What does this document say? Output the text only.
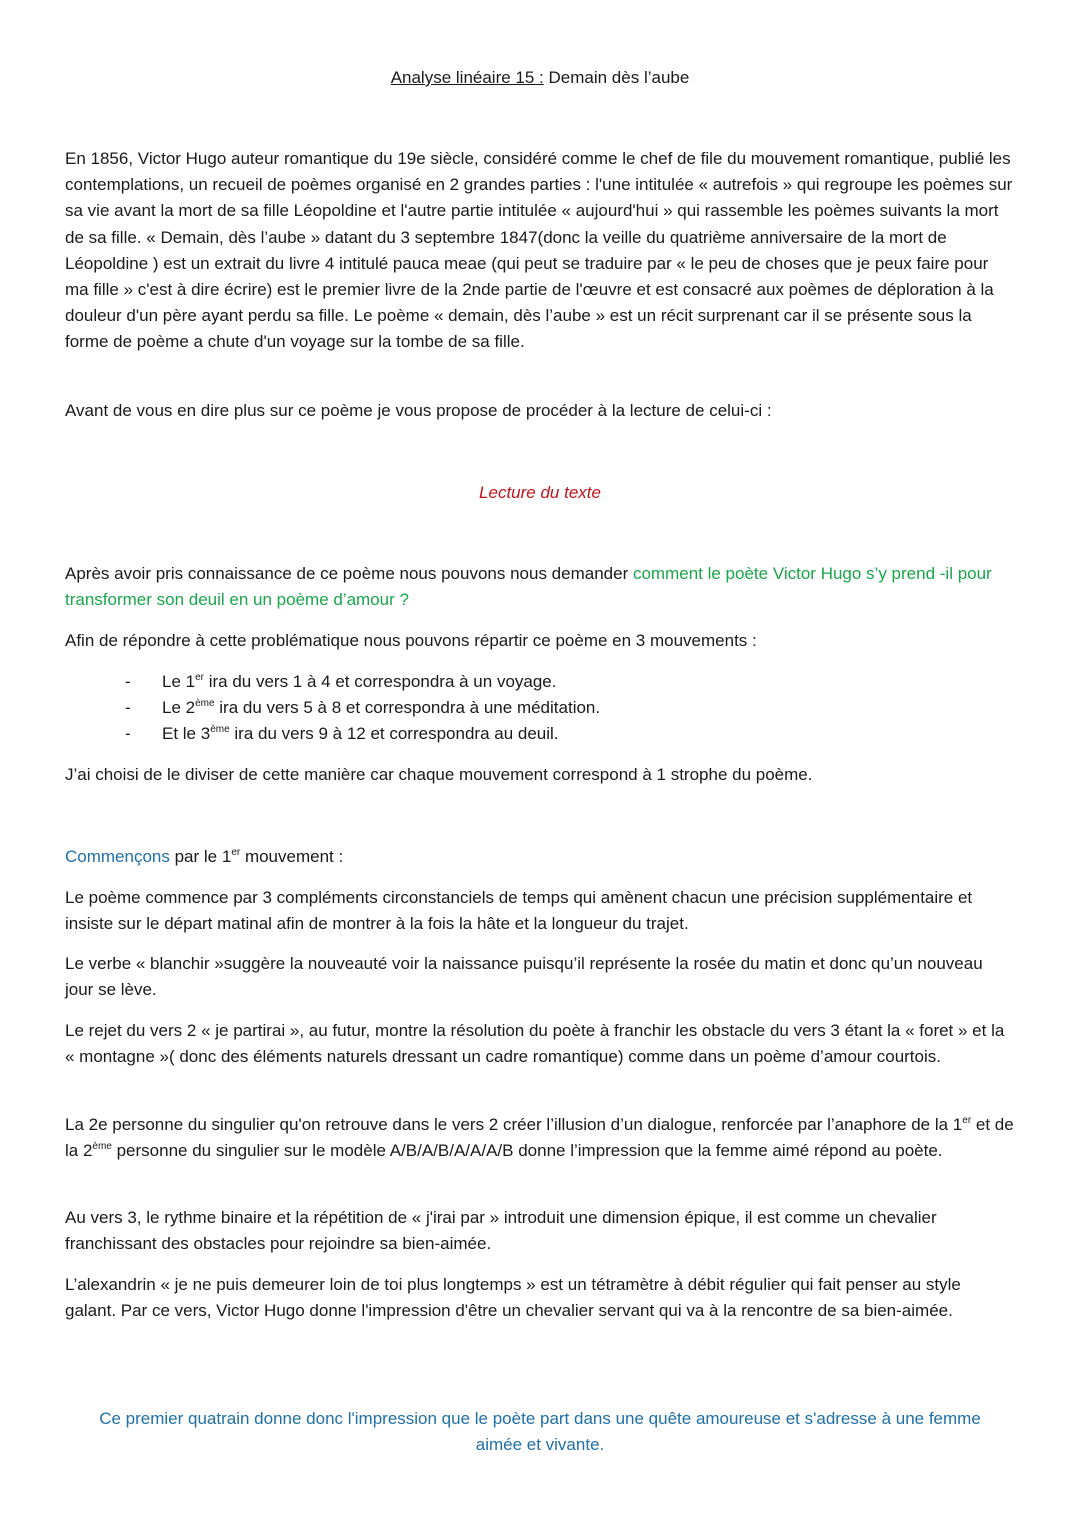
Analyse linéaire 15 : Demain dès l’aube

En 1856, Victor Hugo auteur romantique du 19e siècle, considéré comme le chef de file du mouvement romantique, publié les contemplations, un recueil de poèmes organisé en 2 grandes parties : l'une intitulée « autrefois » qui regroupe les poèmes sur sa vie avant la mort de sa fille Léopoldine et l'autre partie intitulée « aujourd'hui » qui rassemble les poèmes suivants la mort de sa fille. « Demain, dès l’aube » datant du 3 septembre 1847(donc la veille du quatrième anniversaire de la mort de Léopoldine ) est un extrait du livre 4 intitulé pauca meae (qui peut se traduire par « le peu de choses que je peux faire pour ma fille » c'est à dire écrire) est le premier livre de la 2nde partie de l'œuvre et est consacré aux poèmes de déploration à la douleur d'un père ayant perdu sa fille. Le poème « demain, dès l’aube » est un récit surprenant car il se présente sous la forme de poème a chute d'un voyage sur la tombe de sa fille.

Avant de vous en dire plus sur ce poème je vous propose de procéder à la lecture de celui-ci :

Lecture du texte

Après avoir pris connaissance de ce poème nous pouvons nous demander comment le poète Victor Hugo s’y prend -il pour transformer son deuil en un poème d’amour ?

Afin de répondre à cette problématique nous pouvons répartir ce poème en 3 mouvements :

- Le 1er ira du vers 1 à 4 et correspondra à un voyage.
- Le 2ème ira du vers 5 à 8 et correspondra à une méditation.
- Et le 3ème ira du vers 9 à 12 et correspondra au deuil.

J’ai choisi de le diviser de cette manière car chaque mouvement correspond à 1 strophe du poème.

Commençons par le 1er mouvement :

Le poème commence par 3 compléments circonstanciels de temps qui amènent chacun une précision supplémentaire et insiste sur le départ matinal afin de montrer à la fois la hâte et la longueur du trajet.

Le verbe « blanchir »suggère la nouveauté voir la naissance puisqu’il représente la rosée du matin et donc qu’un nouveau jour se lève.

Le rejet du vers 2 « je partirai », au futur, montre la résolution du poète à franchir les obstacle du vers 3 étant la « foret » et la « montagne »( donc des éléments naturels dressant un cadre romantique) comme dans un poème d’amour courtois.

La 2e personne du singulier qu'on retrouve dans le vers 2 créer l’illusion d’un dialogue, renforcée par l’anaphore de la 1er et de la 2ème personne du singulier sur le modèle A/B/A/B/A/A/A/B donne l’impression que la femme aimé répond au poète.

Au vers 3, le rythme binaire et la répétition de « j'irai par » introduit une dimension épique, il est comme un chevalier franchissant des obstacles pour rejoindre sa bien-aimée.

L’alexandrin « je ne puis demeurer loin de toi plus longtemps » est un tétramètre à débit régulier qui fait penser au style galant. Par ce vers, Victor Hugo donne l'impression d'être un chevalier servant qui va à la rencontre de sa bien-aimée.

Ce premier quatrain donne donc l'impression que le poète part dans une quête amoureuse et s'adresse à une femme aimée et vivante.
